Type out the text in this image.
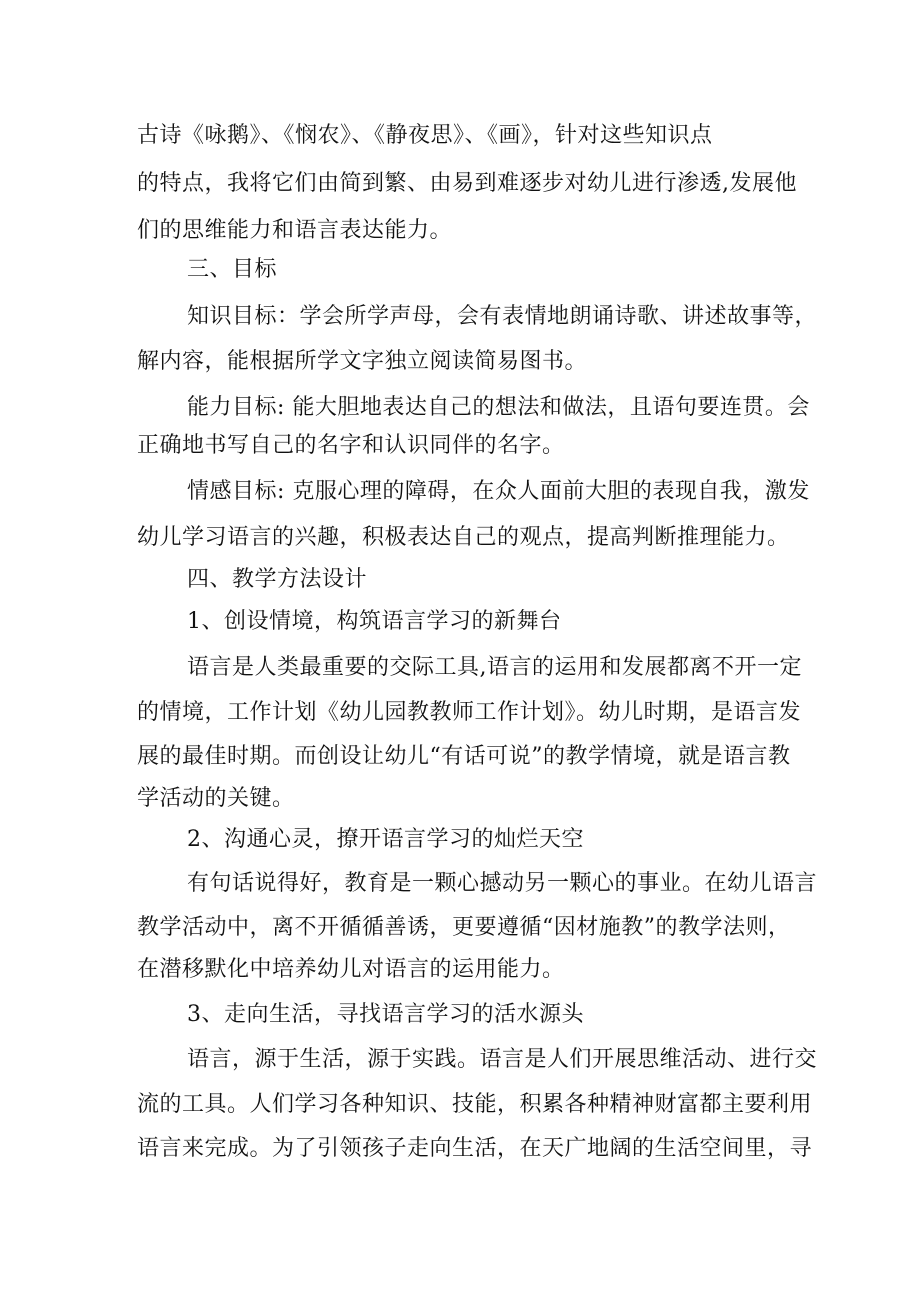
古诗《咏鹅》、《悯农》、《静夜思》、《画》，针对这些知识点
的特点，我将它们由简到繁、由易到难逐步对幼儿进行渗透,发展他
们的思维能力和语言表达能力。
三、目标
知识目标：学会所学声母，会有表情地朗诵诗歌、讲述故事等，
解内容，能根据所学文字独立阅读简易图书。
能力目标: 能大胆地表达自己的想法和做法，且语句要连贯。会
正确地书写自己的名字和认识同伴的名字。
情感目标: 克服心理的障碍，在众人面前大胆的表现自我，激发
幼儿学习语言的兴趣，积极表达自己的观点，提高判断推理能力。
四、教学方法设计
1、创设情境，构筑语言学习的新舞台
语言是人类最重要的交际工具,语言的运用和发展都离不开一定
的情境，工作计划《幼儿园教教师工作计划》。幼儿时期，是语言发
展的最佳时期。而创设让幼儿“有话可说”的教学情境，就是语言教
学活动的关键。
2、沟通心灵，撩开语言学习的灿烂天空
有句话说得好，教育是一颗心撼动另一颗心的事业。在幼儿语言
教学活动中，离不开循循善诱，更要遵循“因材施教”的教学法则，
在潜移默化中培养幼儿对语言的运用能力。
3、走向生活，寻找语言学习的活水源头
语言，源于生活，源于实践。语言是人们开展思维活动、进行交
流的工具。人们学习各种知识、技能，积累各种精神财富都主要利用
语言来完成。为了引领孩子走向生活，在天广地阔的生活空间里，寻
